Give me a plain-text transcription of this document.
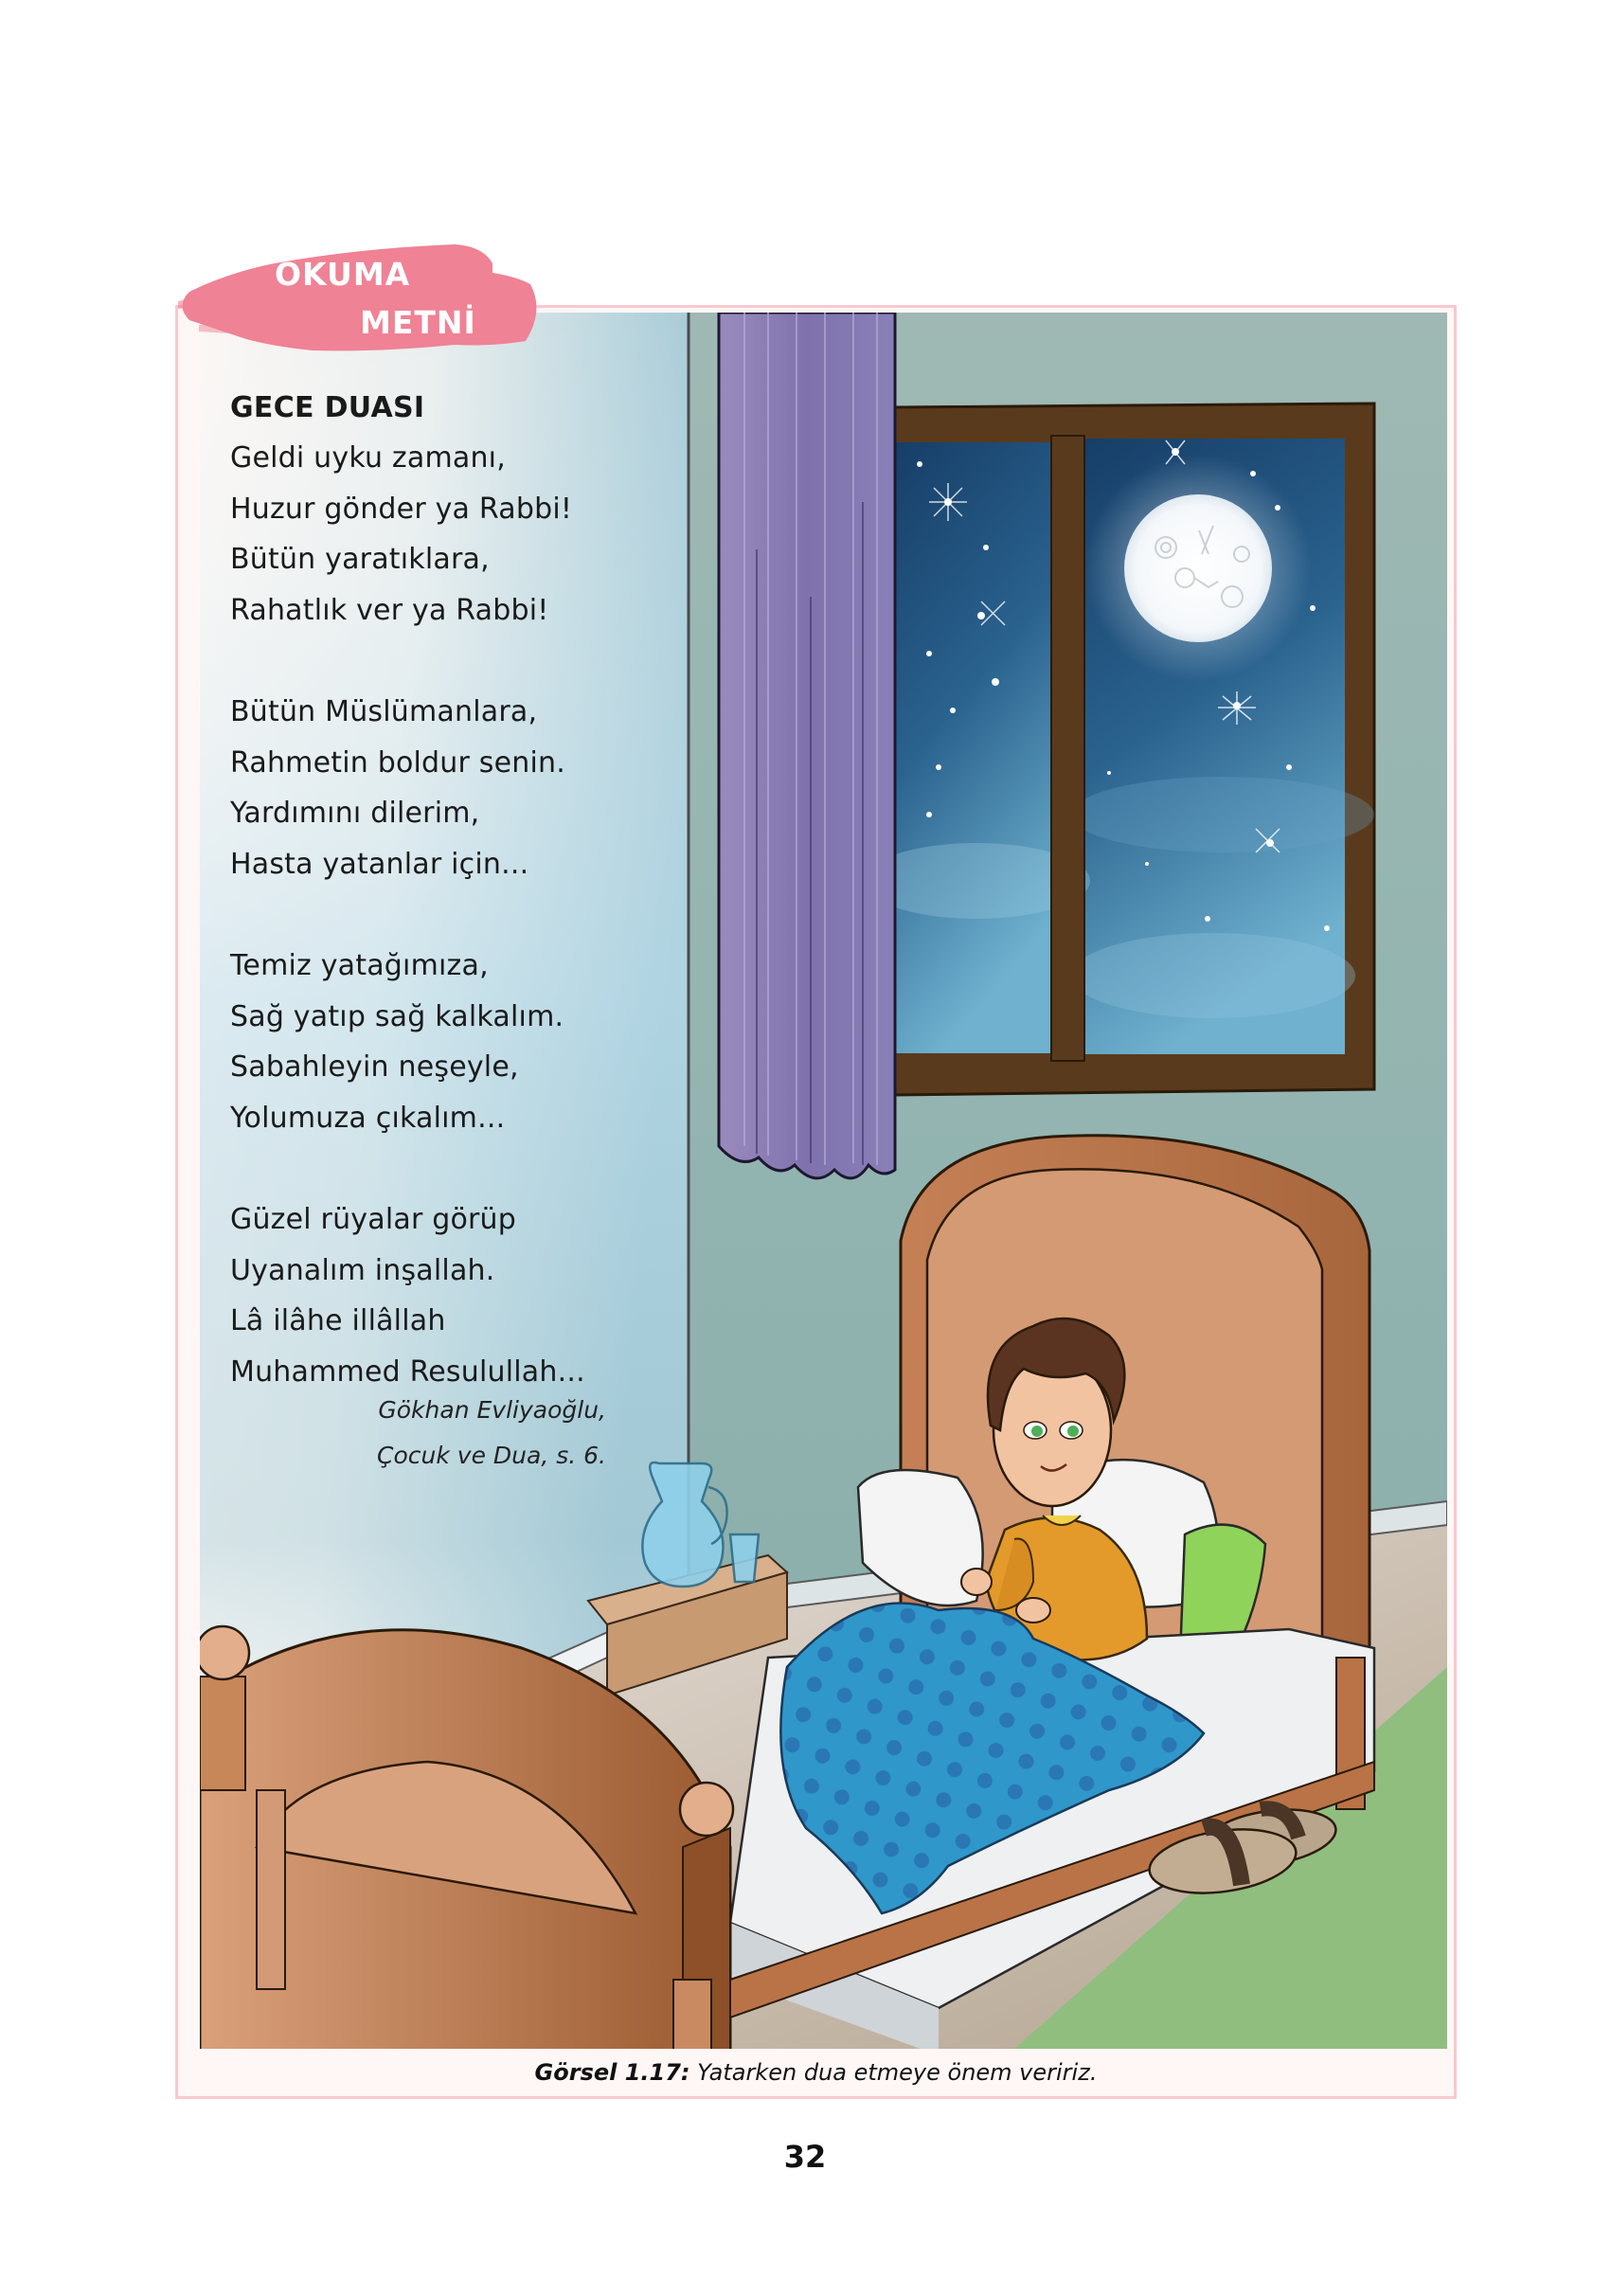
OKUMA
METNİ

GECE DUASI

Geldi uyku zamanı,

Huzur gönder ya Rabbi!

Bütün yaratıklara,

Rahatlık ver ya Rabbi!

Bütün Müslümanlara,

Rahmetin boldur senin.

Yardımını dilerim,

Hasta yatanlar için...

Temiz yatağımıza,

Sağ yatıp sağ kalkalım.

Sabahleyin neşeyle,

Yolumuza çıkalım...

Güzel rüyalar görüp

Uyanalım inşallah.

Lâ ilâhe illâllah

Muhammed Resulullah...

Gökhan Evliyaoğlu,
Çocuk ve Dua, s. 6.
Görsel 1.17: Yatarken dua etmeye önem veririz.
32
